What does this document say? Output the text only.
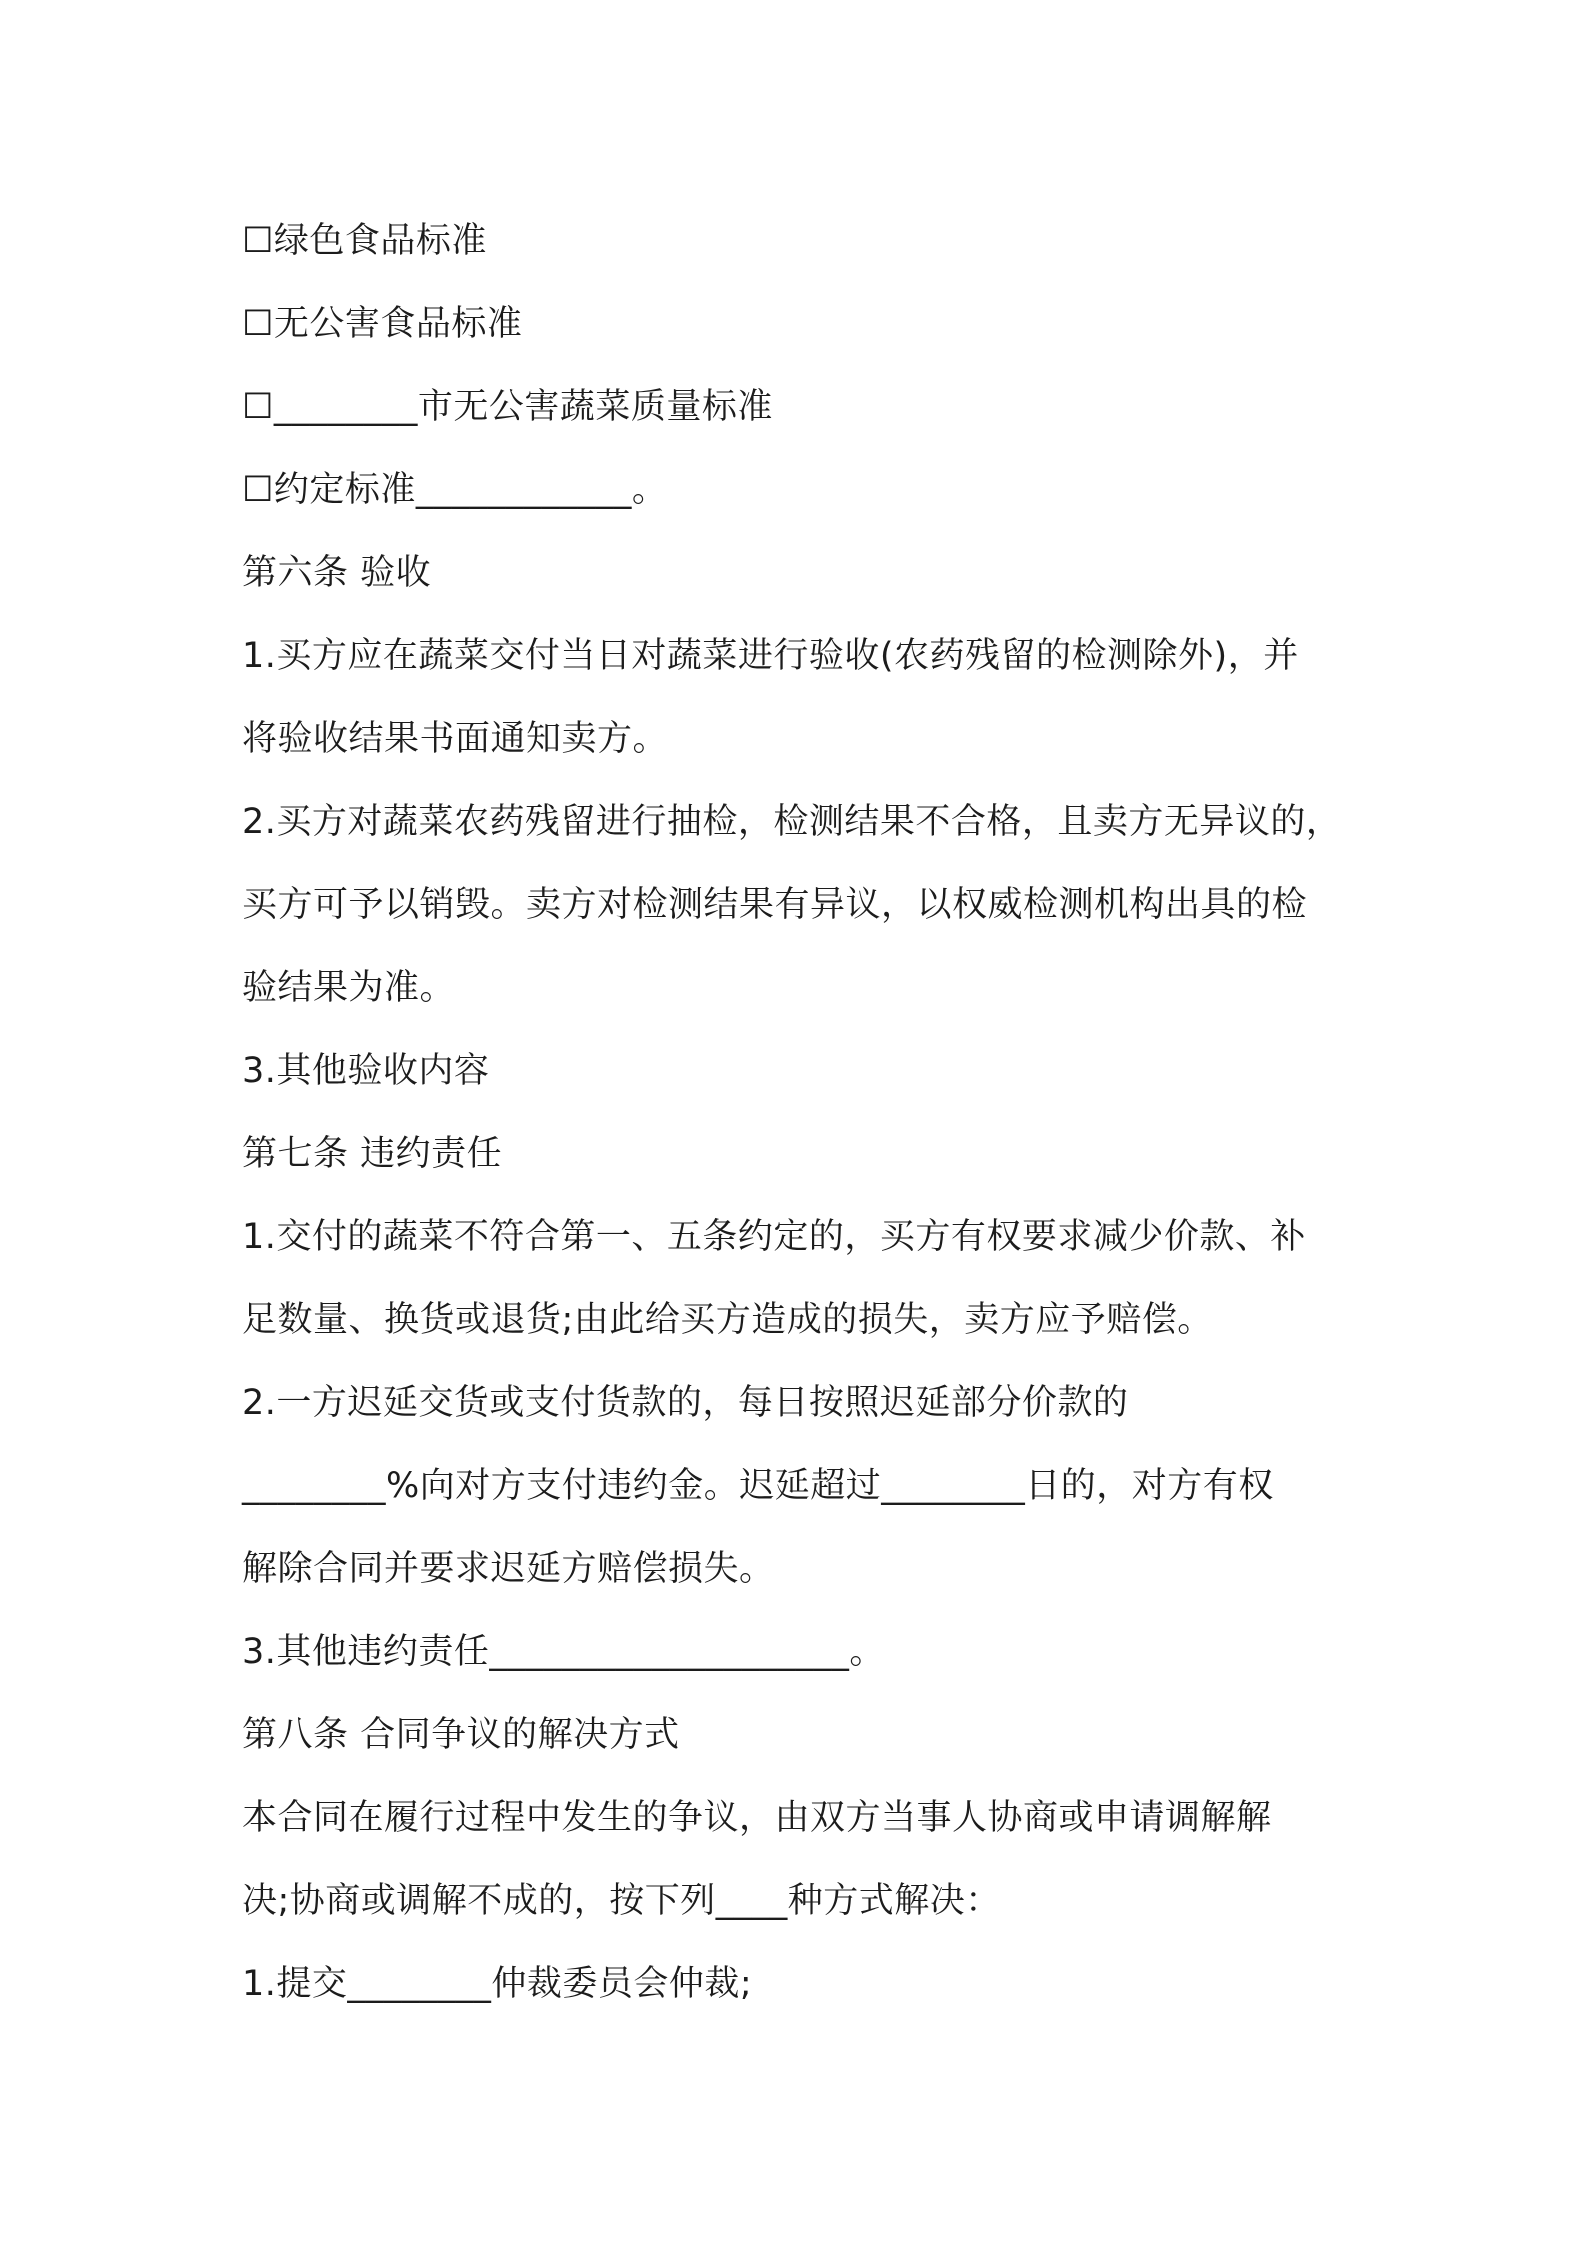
☐绿色食品标准
☐无公害食品标准
☐________市无公害蔬菜质量标准
☐约定标准____________。
第六条 验收
1.买方应在蔬菜交付当日对蔬菜进行验收(农药残留的检测除外)，并
将验收结果书面通知卖方。
2.买方对蔬菜农药残留进行抽检，检测结果不合格，且卖方无异议的，
买方可予以销毁。卖方对检测结果有异议，以权威检测机构出具的检
验结果为准。
3.其他验收内容
第七条 违约责任
1.交付的蔬菜不符合第一、五条约定的，买方有权要求减少价款、补
足数量、换货或退货;由此给买方造成的损失，卖方应予赔偿。
2.一方迟延交货或支付货款的，每日按照迟延部分价款的
________%向对方支付违约金。迟延超过________日的，对方有权
解除合同并要求迟延方赔偿损失。
3.其他违约责任____________________。
第八条 合同争议的解决方式
本合同在履行过程中发生的争议，由双方当事人协商或申请调解解
决;协商或调解不成的，按下列____种方式解决：
1.提交________仲裁委员会仲裁;
